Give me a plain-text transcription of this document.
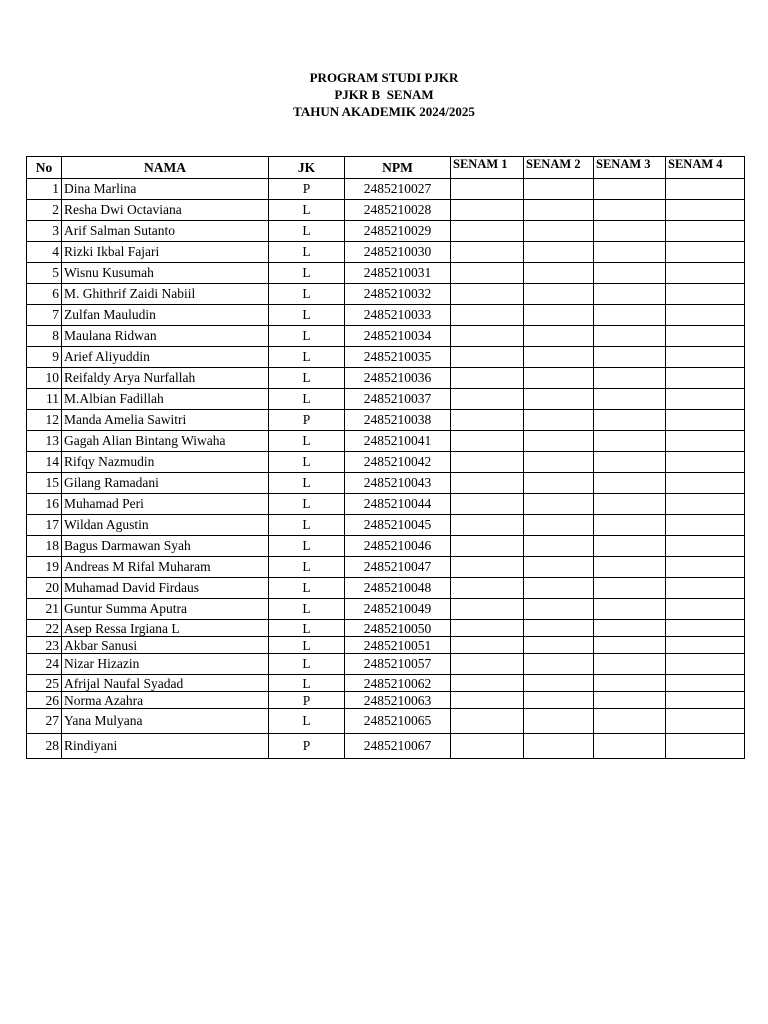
PROGRAM STUDI PJKR
PJKR B  SENAM
TAHUN AKADEMIK 2024/2025
No	NAMA	JK	NPM	SENAM 1	SENAM 2	SENAM 3	SENAM 4
1	Dina Marlina	P	2485210027				
2	Resha Dwi Octaviana	L	2485210028				
3	Arif Salman Sutanto	L	2485210029				
4	Rizki Ikbal Fajari	L	2485210030				
5	Wisnu Kusumah	L	2485210031				
6	M. Ghithrif Zaidi Nabiil	L	2485210032				
7	Zulfan Mauludin	L	2485210033				
8	Maulana Ridwan	L	2485210034				
9	Arief Aliyuddin	L	2485210035				
10	Reifaldy Arya Nurfallah	L	2485210036				
11	M.Albian Fadillah	L	2485210037				
12	Manda Amelia Sawitri	P	2485210038				
13	Gagah Alian Bintang Wiwaha	L	2485210041				
14	Rifqy Nazmudin	L	2485210042				
15	Gilang Ramadani	L	2485210043				
16	Muhamad Peri	L	2485210044				
17	Wildan Agustin	L	2485210045				
18	Bagus Darmawan Syah	L	2485210046				
19	Andreas M Rifal Muharam	L	2485210047				
20	Muhamad David Firdaus	L	2485210048				
21	Guntur Summa Aputra	L	2485210049				
22	Asep Ressa Irgiana L	L	2485210050				
23	Akbar Sanusi	L	2485210051				
24	Nizar Hizazin	L	2485210057				
25	Afrijal Naufal Syadad	L	2485210062				
26	Norma Azahra	P	2485210063				
27	Yana Mulyana	L	2485210065				
28	Rindiyani	P	2485210067				
